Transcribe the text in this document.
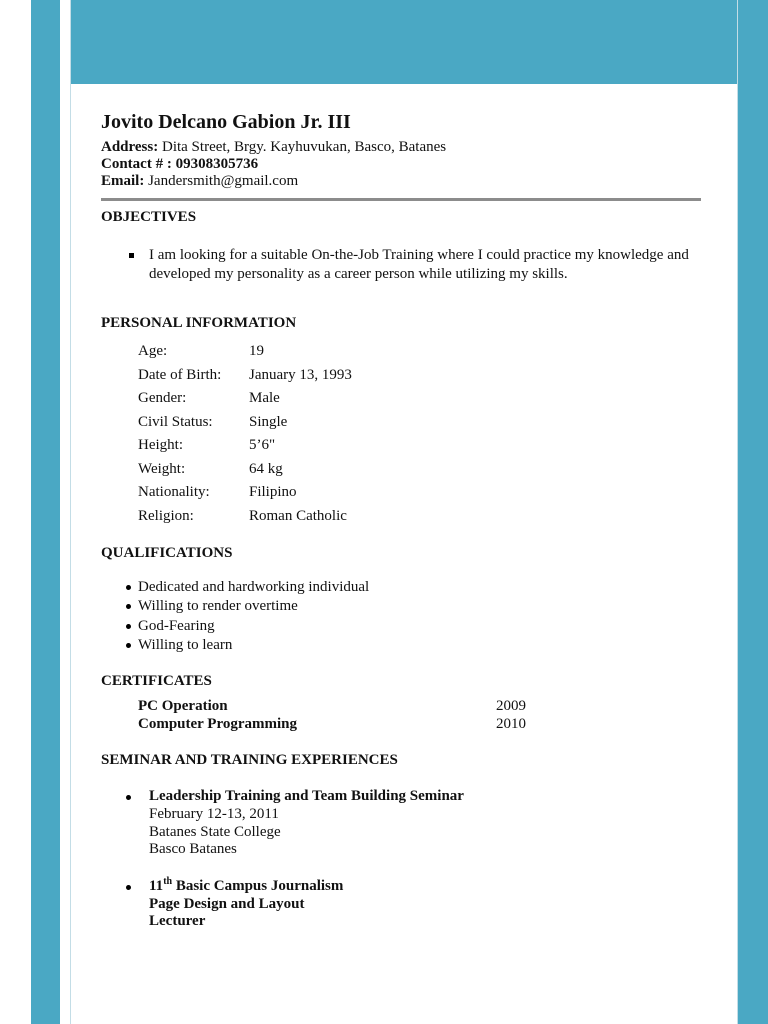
Jovito Delcano Gabion Jr. III

Address: Dita Street, Brgy. Kayhuvukan, Basco, Batanes

Contact # : 09308305736

Email: Jandersmith@gmail.com

OBJECTIVES
I am looking for a suitable On-the-Job Training where I could practice my knowledge and developed my personality as a career person while utilizing my skills.
PERSONAL INFORMATION
Age:	19
Date of Birth:	January 13, 1993
Gender:	Male
Civil Status:	Single
Height:	5’6"
Weight:	64 kg
Nationality:	Filipino
Religion:	Roman Catholic
QUALIFICATIONS
Dedicated and hardworking individual
Willing to render overtime
God-Fearing
Willing to learn
CERTIFICATES
PC Operation	2009
Computer Programming	2010
SEMINAR AND TRAINING EXPERIENCES
Leadership Training and Team Building Seminar
February 12-13, 2011
Batanes State College
Basco Batanes
11th Basic Campus Journalism
Page Design and Layout
Lecturer
